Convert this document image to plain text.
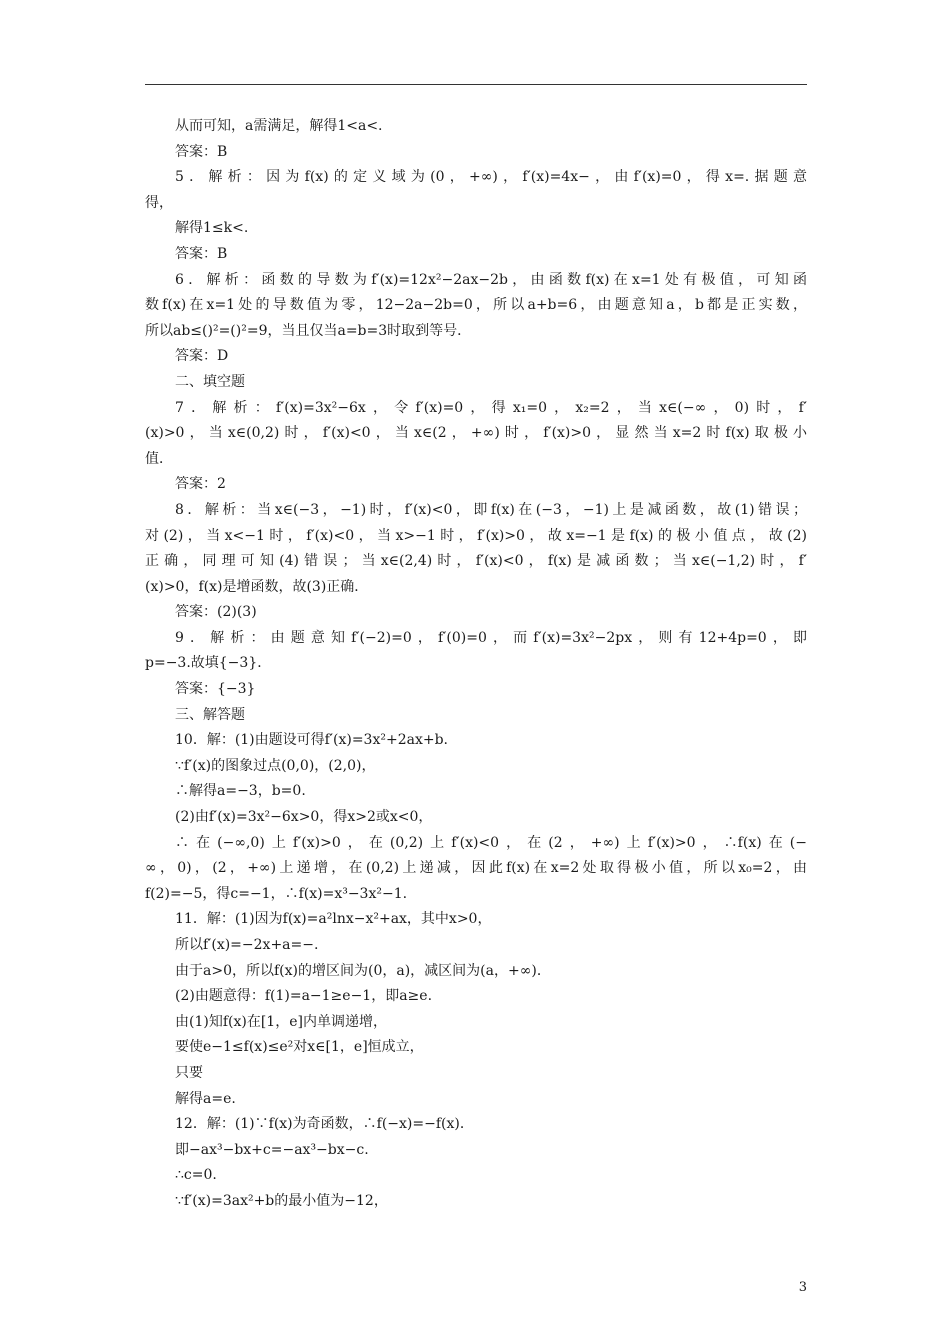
从而可知，a需满足，解得1<a<.
答案：B
5．解析：因为f(x)的定义域为(0，+∞)，f′(x)=4x−，由f′(x)=0，得x=.据题意
得，
解得1≤k<.
答案：B
6．解析：函数的导数为f′(x)=12x²−2ax−2b，由函数f(x)在x=1处有极值，可知函
数f(x)在x=1处的导数值为零，12−2a−2b=0，所以a+b=6，由题意知a，b都是正实数，
所以ab≤()²=()²=9，当且仅当a=b=3时取到等号．
答案：D
二、填空题
7．解析：f′(x)=3x²−6x，令f′(x)=0，得x₁=0，x₂=2，当x∈(−∞，0)时，f′
(x)>0，当x∈(0,2)时，f′(x)<0，当x∈(2，+∞)时，f′(x)>0，显然当x=2时f(x)取极小
值．
答案：2
8．解析：当x∈(−3，−1)时，f′(x)<0，即f(x)在(−3，−1)上是减函数，故(1)错误；
对(2)，当x<−1时，f′(x)<0，当x>−1时，f′(x)>0，故x=−1是f(x)的极小值点，故(2)
正确，同理可知(4)错误；当x∈(2,4)时，f′(x)<0，f(x)是减函数；当x∈(−1,2)时，f′
(x)>0，f(x)是增函数，故(3)正确．
答案：(2)(3)
9．解析：由题意知f′(−2)=0，f′(0)=0，而f′(x)=3x²−2px，则有12+4p=0，即
p=−3.故填{−3}．
答案：{−3}
三、解答题
10．解：(1)由题设可得f′(x)=3x²+2ax+b.
∵f′(x)的图象过点(0,0)，(2,0)，
∴解得a=−3，b=0.
(2)由f′(x)=3x²−6x>0，得x>2或x<0，
∴在(−∞,0)上f′(x)>0，在(0,2)上f′(x)<0，在(2，+∞)上f′(x)>0，∴f(x)在(−
∞，0)，(2，+∞)上递增，在(0,2)上递减，因此f(x)在x=2处取得极小值，所以x₀=2，由
f(2)=−5，得c=−1，∴f(x)=x³−3x²−1.
11．解：(1)因为f(x)=a²lnx−x²+ax，其中x>0，
所以f′(x)=−2x+a=−.
由于a>0，所以f(x)的增区间为(0，a)，减区间为(a，+∞)．
(2)由题意得：f(1)=a−1≥e−1，即a≥e.
由(1)知f(x)在[1，e]内单调递增，
要使e−1≤f(x)≤e²对x∈[1，e]恒成立，
只要
解得a=e.
12．解：(1)∵f(x)为奇函数，∴f(−x)=−f(x)．
即−ax³−bx+c=−ax³−bx−c.
∴c=0.
∵f′(x)=3ax²+b的最小值为−12，
3
